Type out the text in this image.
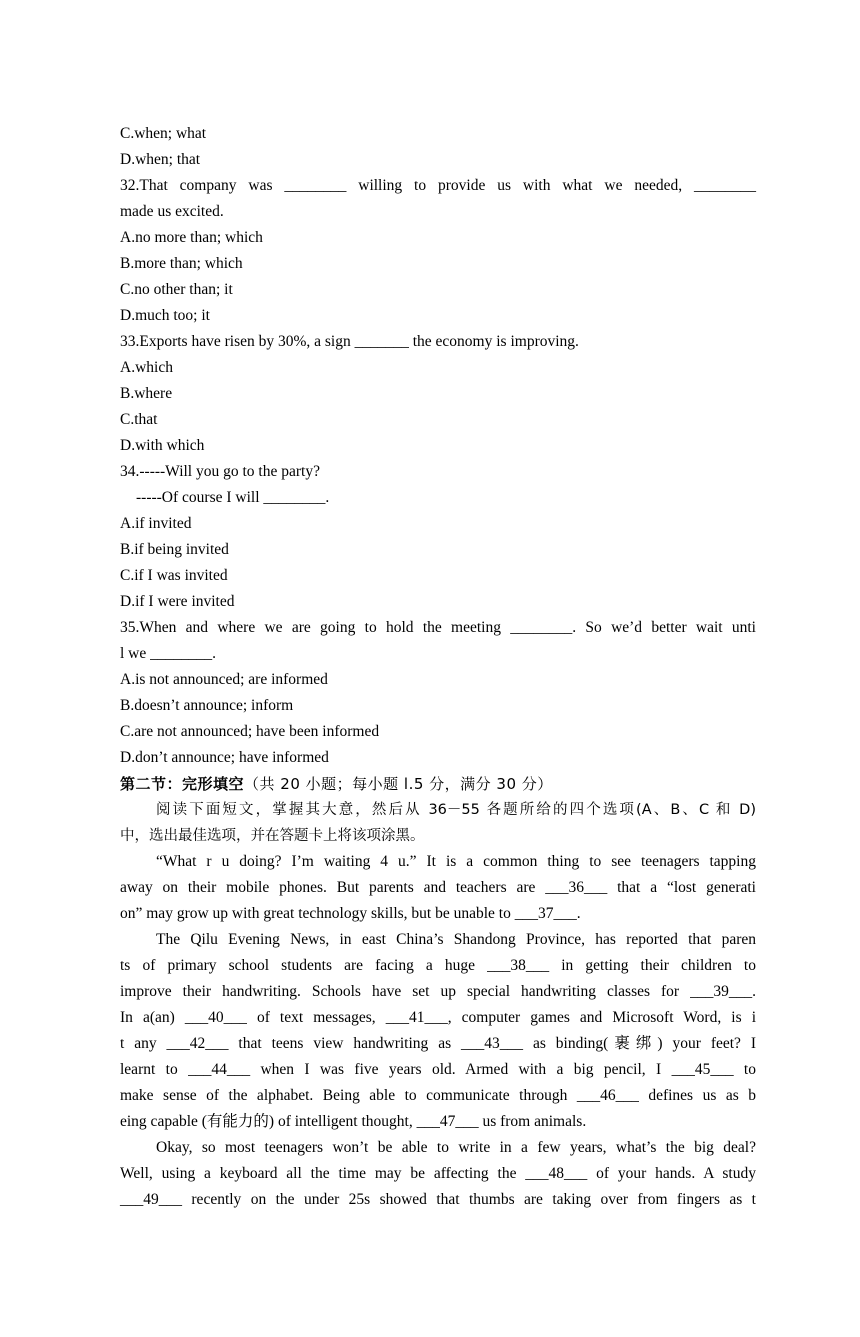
C.when; what
D.when; that
32.That company was ________ willing to provide us with what we needed, ________
made us excited.
A.no more than; which
B.more than; which
C.no other than; it
D.much too; it
33.Exports have risen by 30%, a sign _______ the economy is improving.
A.which
B.where
C.that
D.with which
34.-----Will you go to the party?
-----Of course I will ________.
A.if invited
B.if being invited
C.if I was invited
D.if I were invited
35.When and where we are going to hold the meeting ________. So we’d better wait unti
l we ________.
A.is not announced; are informed
B.doesn’t announce; inform
C.are not announced; have been informed
D.don’t announce; have informed
第二节：完形填空（共 20 小题；每小题 l.5 分，满分 30 分）
阅读下面短文，掌握其大意，然后从 36－55 各题所给的四个选项(A、B、C 和 D)
中，选出最佳选项，并在答题卡上将该项涂黑。
“What r u doing? I’m waiting 4 u.” It is a common thing to see teenagers tapping
away on their mobile phones. But parents and teachers are ___36___ that a “lost generati
on” may grow up with great technology skills, but be unable to ___37___.
The Qilu Evening News, in east China’s Shandong Province, has reported that paren
ts of primary school students are facing a huge ___38___ in getting their children to
improve their handwriting. Schools have set up special handwriting classes for ___39___.
In a(an) ___40___ of text messages, ___41___, computer games and Microsoft Word, is i
t any ___42___ that teens view handwriting as ___43___ as binding(裹绑) your feet? I
learnt to ___44___ when I was five years old. Armed with a big pencil, I ___45___ to
make sense of the alphabet. Being able to communicate through ___46___ defines us as b
eing capable (有能力的) of intelligent thought, ___47___ us from animals.
Okay, so most teenagers won’t be able to write in a few years, what’s the big deal?
Well, using a keyboard all the time may be affecting the ___48___ of your hands. A study
___49___ recently on the under 25s showed that thumbs are taking over from fingers as t
